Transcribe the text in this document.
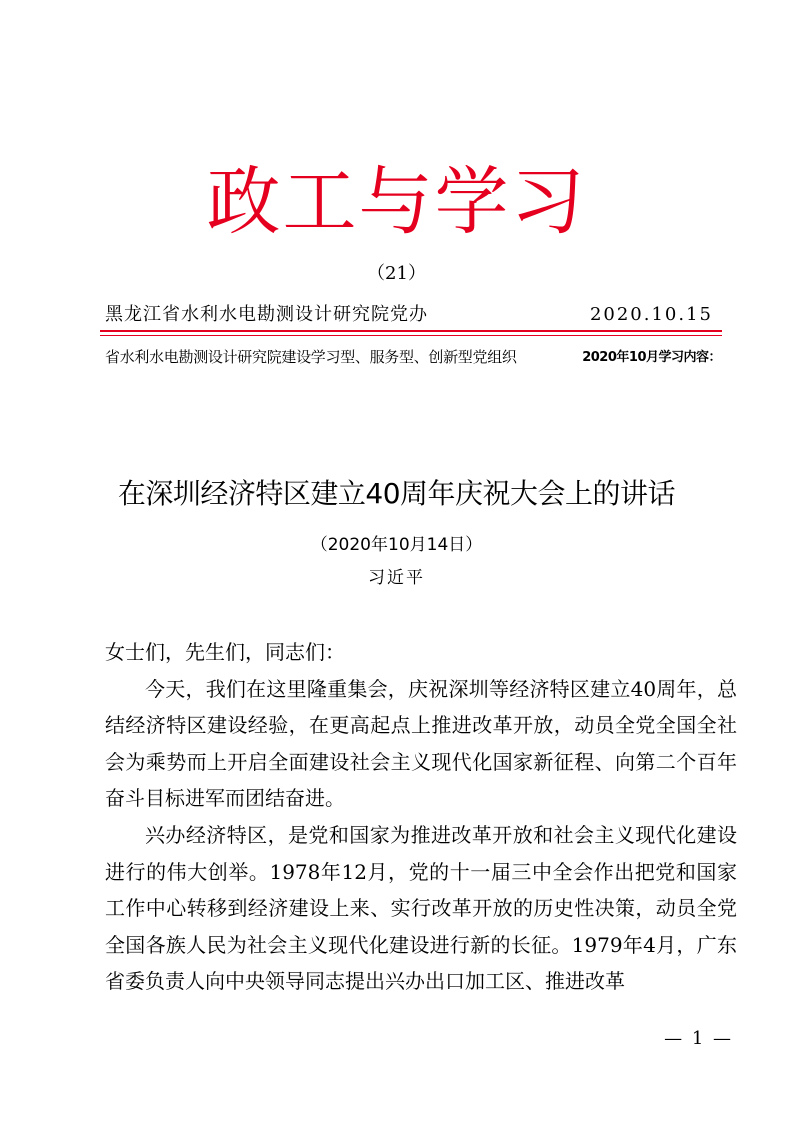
政工与学习
（21）
黑龙江省水利水电勘测设计研究院党办	2020.10.15
省水利水电勘测设计研究院建设学习型、服务型、创新型党组织	2020年10月学习内容：
在深圳经济特区建立40周年庆祝大会上的讲话
（2020年10月14日）
习近平

女士们，先生们，同志们：

今天，我们在这里隆重集会，庆祝深圳等经济特区建立40周年，总结经济特区建设经验，在更高起点上推进改革开放，动员全党全国全社会为乘势而上开启全面建设社会主义现代化国家新征程、向第二个百年奋斗目标进军而团结奋进。

兴办经济特区，是党和国家为推进改革开放和社会主义现代化建设进行的伟大创举。1978年12月，党的十一届三中全会作出把党和国家工作中心转移到经济建设上来、实行改革开放的历史性决策，动员全党全国各族人民为社会主义现代化建设进行新的长征。1979年4月，广东省委负责人向中央领导同志提出兴办出口加工区、推进改革

— 1 —
